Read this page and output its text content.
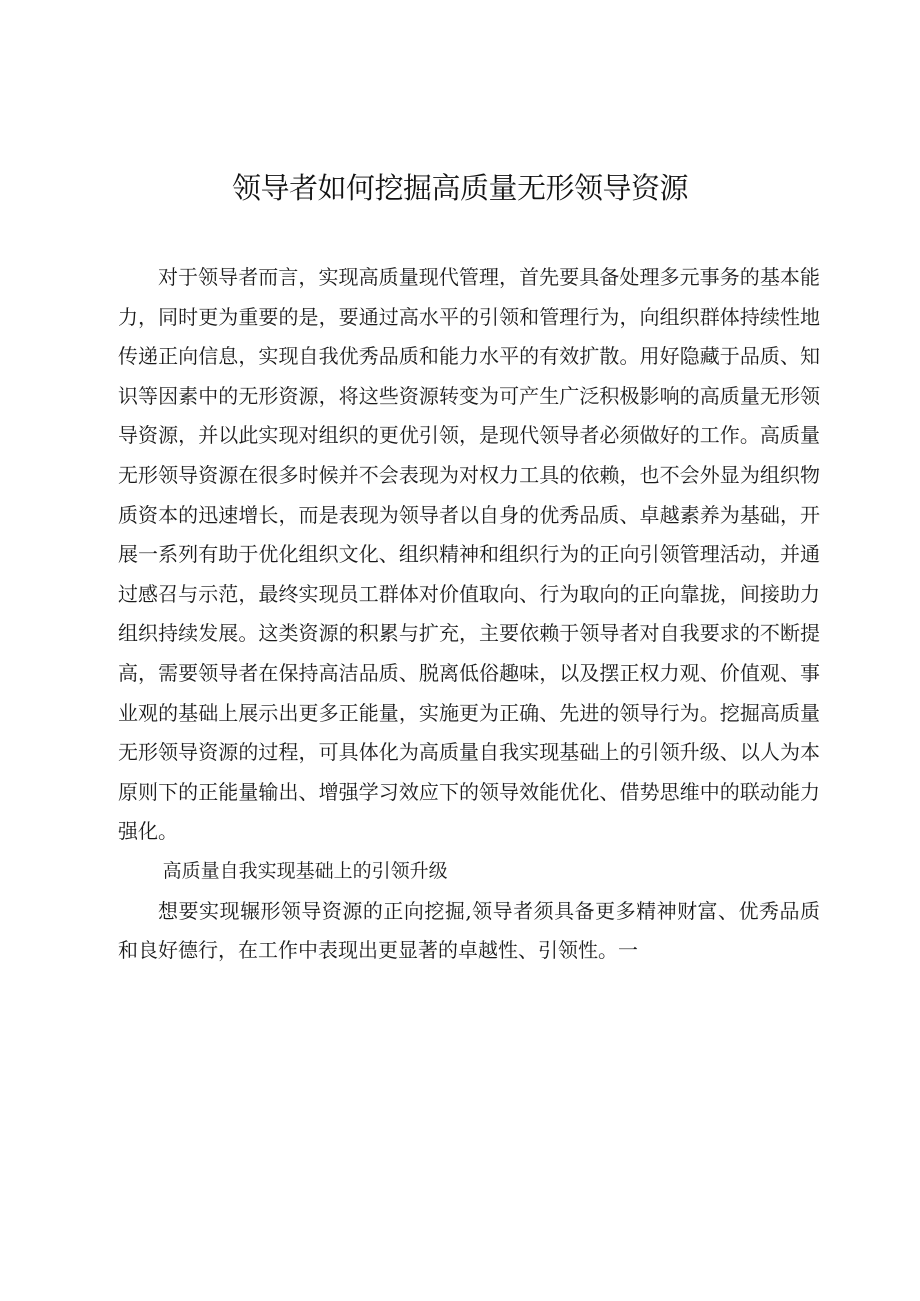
领导者如何挖掘高质量无形领导资源

对于领导者而言，实现高质量现代管理，首先要具备处理多元事务的基本能力，同时更为重要的是，要通过高水平的引领和管理行为，向组织群体持续性地传递正向信息，实现自我优秀品质和能力水平的有效扩散。用好隐藏于品质、知识等因素中的无形资源，将这些资源转变为可产生广泛积极影响的高质量无形领导资源，并以此实现对组织的更优引领，是现代领导者必须做好的工作。高质量无形领导资源在很多时候并不会表现为对权力工具的依赖，也不会外显为组织物质资本的迅速增长，而是表现为领导者以自身的优秀品质、卓越素养为基础，开展一系列有助于优化组织文化、组织精神和组织行为的正向引领管理活动，并通过感召与示范，最终实现员工群体对价值取向、行为取向的正向靠拢，间接助力组织持续发展。这类资源的积累与扩充，主要依赖于领导者对自我要求的不断提高，需要领导者在保持高洁品质、脱离低俗趣味，以及摆正权力观、价值观、事业观的基础上展示出更多正能量，实施更为正确、先进的领导行为。挖掘高质量无形领导资源的过程，可具体化为高质量自我实现基础上的引领升级、以人为本原则下的正能量输出、增强学习效应下的领导效能优化、借势思维中的联动能力强化。

高质量自我实现基础上的引领升级

想要实现辗形领导资源的正向挖掘,领导者须具备更多精神财富、优秀品质和良好德行，在工作中表现出更显著的卓越性、引领性。一
